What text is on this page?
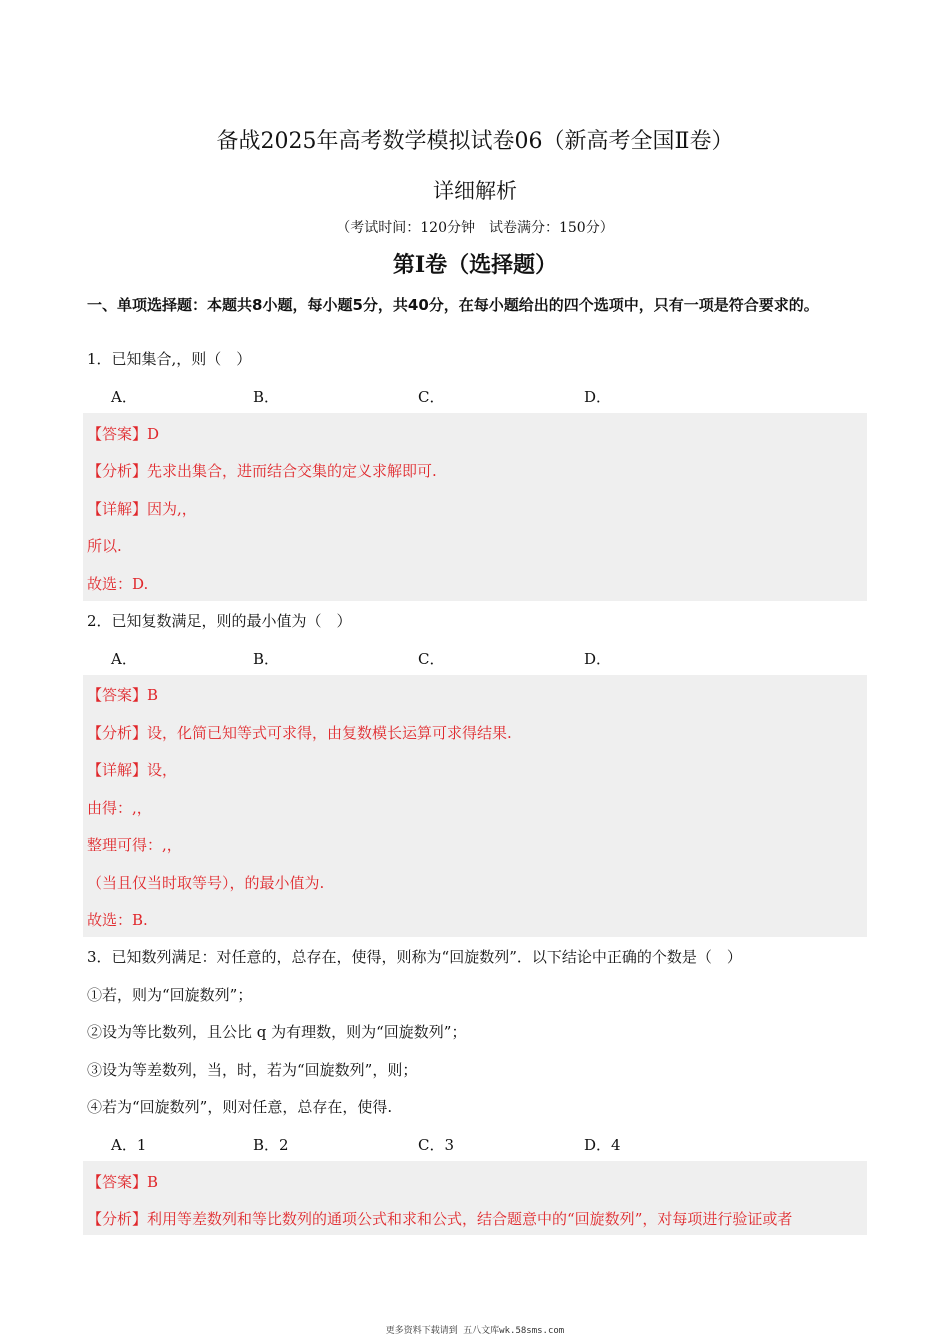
备战2025年高考数学模拟试卷06（新高考全国Ⅱ卷）
详细解析
（考试时间：120分钟　试卷满分：150分）
第Ⅰ卷（选择题）
一、单项选择题：本题共8小题，每小题5分，共40分，在每小题给出的四个选项中，只有一项是符合要求的。
1．已知集合,，则（　）
A．	B．	C．	D．
【答案】D
【分析】先求出集合，进而结合交集的定义求解即可.
【详解】因为,，
所以.
故选：D.
2．已知复数满足，则的最小值为（　）
A．	B．	C．	D．
【答案】B
【分析】设，化简已知等式可求得，由复数模长运算可求得结果.
【详解】设，
由得：,，
整理可得：,，
（当且仅当时取等号），的最小值为.
故选：B.
3．已知数列满足：对任意的，总存在，使得，则称为“回旋数列”．以下结论中正确的个数是（　）
①若，则为“回旋数列”；
②设为等比数列，且公比 q 为有理数，则为“回旋数列”；
③设为等差数列，当，时，若为“回旋数列”，则；
④若为“回旋数列”，则对任意，总存在，使得.
A．1	B．2	C．3	D．4
【答案】B
【分析】利用等差数列和等比数列的通项公式和求和公式，结合题意中的“回旋数列”，对每项进行验证或者
更多资料下载请到 五八文库wk.58sms.com
